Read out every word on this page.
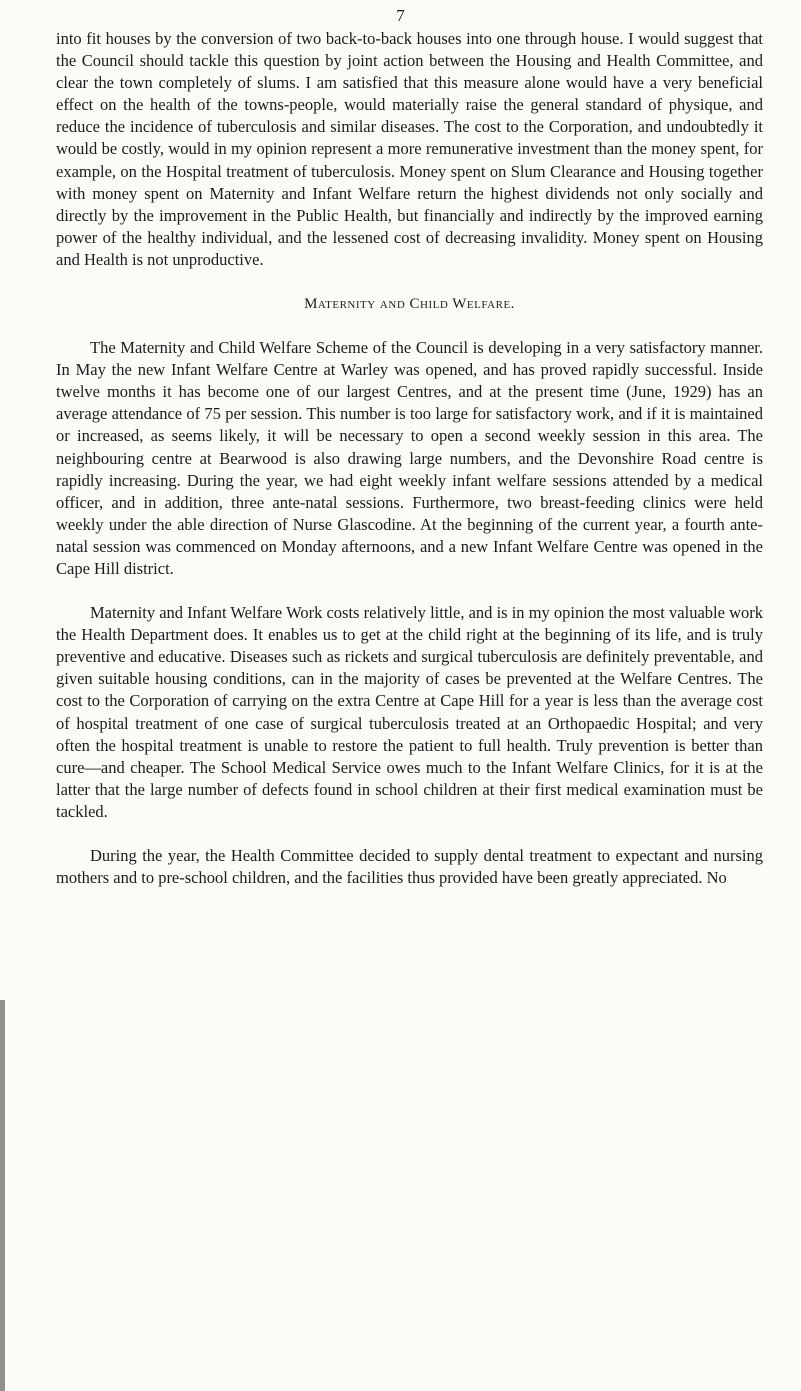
7

into fit houses by the conversion of two back-to-back houses into one through house. I would suggest that the Council should tackle this question by joint action between the Housing and Health Committee, and clear the town completely of slums. I am satisfied that this measure alone would have a very beneficial effect on the health of the towns-people, would materially raise the general standard of physique, and reduce the incidence of tuberculosis and similar diseases. The cost to the Corporation, and undoubtedly it would be costly, would in my opinion represent a more remunerative investment than the money spent, for example, on the Hospital treatment of tuberculosis. Money spent on Slum Clearance and Housing together with money spent on Maternity and Infant Welfare return the highest dividends not only socially and directly by the improvement in the Public Health, but financially and indirectly by the improved earning power of the healthy individual, and the lessened cost of decreasing invalidity. Money spent on Housing and Health is not unproductive.

Maternity and Child Welfare.

The Maternity and Child Welfare Scheme of the Council is developing in a very satisfactory manner. In May the new Infant Welfare Centre at Warley was opened, and has proved rapidly successful. Inside twelve months it has become one of our largest Centres, and at the present time (June, 1929) has an average attendance of 75 per session. This number is too large for satisfactory work, and if it is maintained or increased, as seems likely, it will be necessary to open a second weekly session in this area. The neighbouring centre at Bearwood is also drawing large numbers, and the Devonshire Road centre is rapidly increasing. During the year, we had eight weekly infant welfare sessions attended by a medical officer, and in addition, three ante-natal sessions. Furthermore, two breast-feeding clinics were held weekly under the able direction of Nurse Glascodine. At the beginning of the current year, a fourth ante-natal session was commenced on Monday afternoons, and a new Infant Welfare Centre was opened in the Cape Hill district.

Maternity and Infant Welfare Work costs relatively little, and is in my opinion the most valuable work the Health Department does. It enables us to get at the child right at the beginning of its life, and is truly preventive and educative. Diseases such as rickets and surgical tuberculosis are definitely preventable, and given suitable housing conditions, can in the majority of cases be prevented at the Welfare Centres. The cost to the Corporation of carrying on the extra Centre at Cape Hill for a year is less than the average cost of hospital treatment of one case of surgical tuberculosis treated at an Orthopaedic Hospital; and very often the hospital treatment is unable to restore the patient to full health. Truly prevention is better than cure—and cheaper. The School Medical Service owes much to the Infant Welfare Clinics, for it is at the latter that the large number of defects found in school children at their first medical examination must be tackled.

During the year, the Health Committee decided to supply dental treatment to expectant and nursing mothers and to pre-school children, and the facilities thus provided have been greatly appreciated. No
